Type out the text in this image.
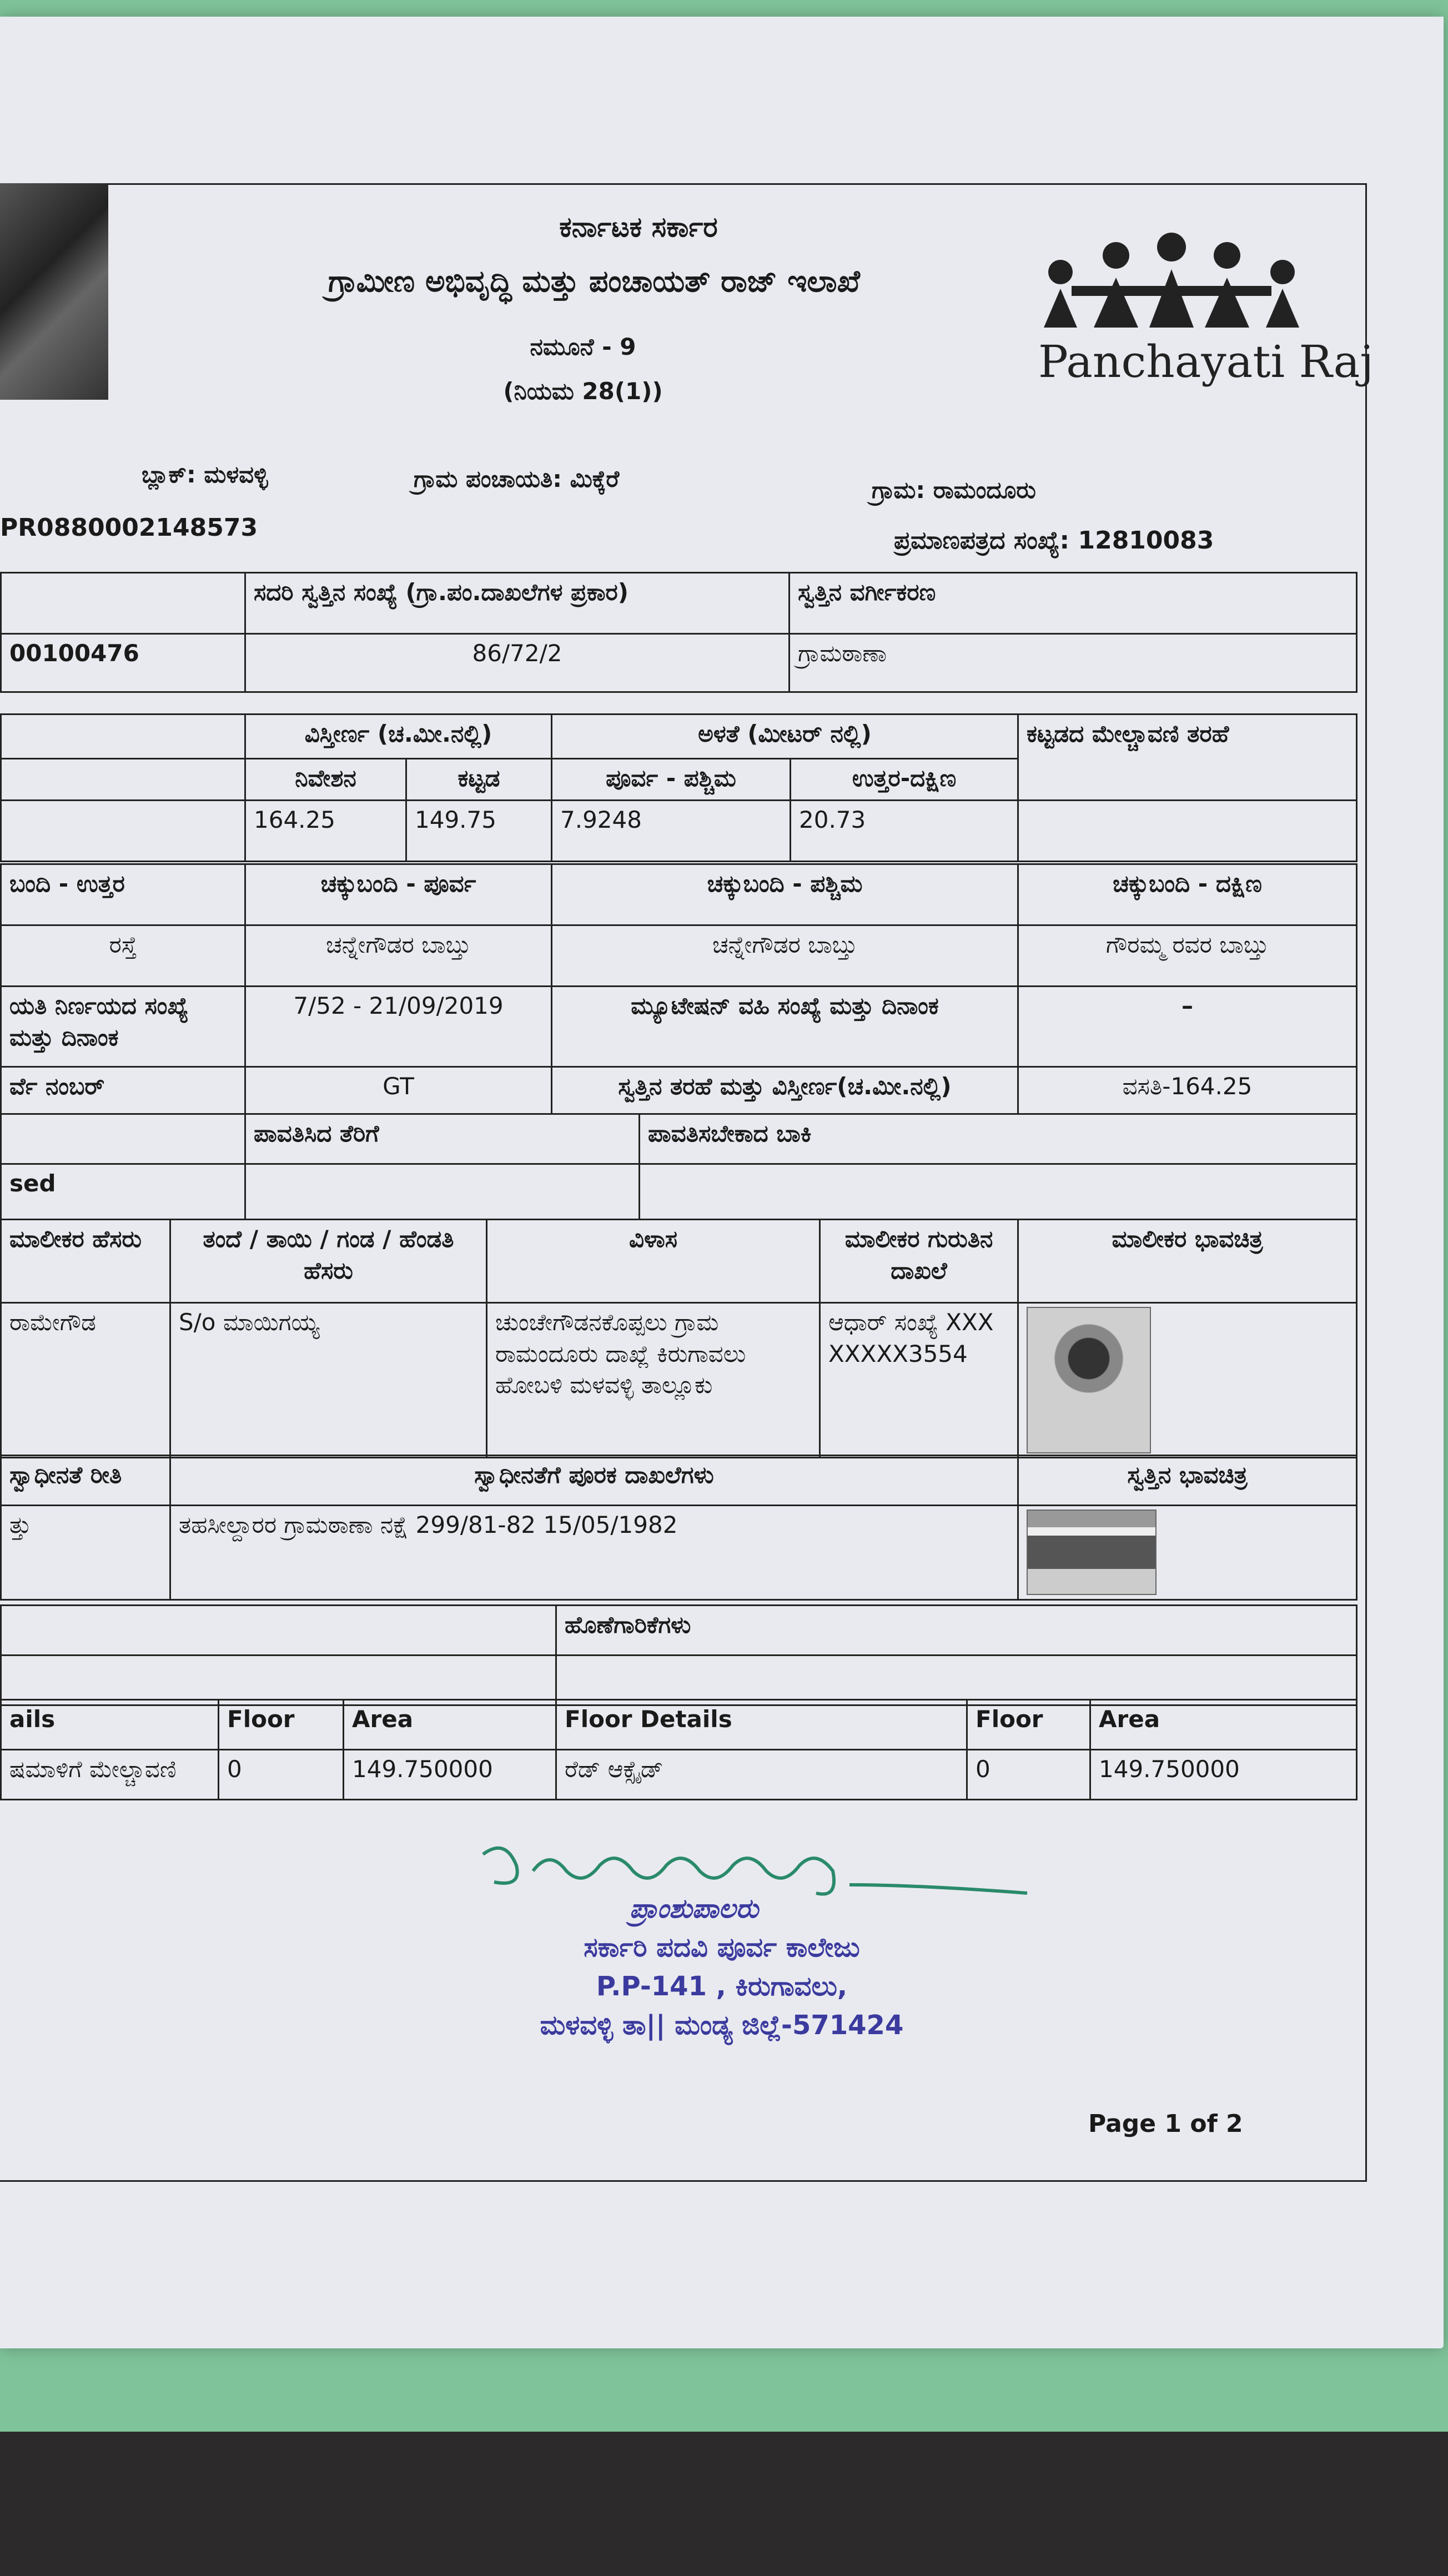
ಕರ್ನಾಟಕ ಸರ್ಕಾರ
ಗ್ರಾಮೀಣ ಅಭಿವೃದ್ಧಿ ಮತ್ತು ಪಂಚಾಯತ್ ರಾಜ್ ಇಲಾಖೆ
ನಮೂನೆ - 9
(ನಿಯಮ 28(1))
Panchayati Raj
ಬ್ಲಾಕ್: ಮಳವಳ್ಳಿ	ಗ್ರಾಮ ಪಂಚಾಯತಿ: ಮಿಕ್ಕೆರೆ	ಗ್ರಾಮ: ರಾಮಂದೂರು
PR0880002148573	ಪ್ರಮಾಣಪತ್ರದ ಸಂಖ್ಯೆ: 12810083
	ಸದರಿ ಸ್ವತ್ತಿನ ಸಂಖ್ಯೆ (ಗ್ರಾ.ಪಂ.ದಾಖಲೆಗಳ ಪ್ರಕಾರ)	ಸ್ವತ್ತಿನ ವರ್ಗೀಕರಣ
00100476	86/72/2	ಗ್ರಾಮಠಾಣಾ
	ವಿಸ್ತೀರ್ಣ (ಚ.ಮೀ.ನಲ್ಲಿ)		ಅಳತೆ (ಮೀಟರ್ ನಲ್ಲಿ)		ಕಟ್ಟಡದ ಮೇಲ್ಚಾವಣಿ ತರಹೆ
	ನಿವೇಶನ	ಕಟ್ಟಡ	ಪೂರ್ವ - ಪಶ್ಚಿಮ	ಉತ್ತರ-ದಕ್ಷಿಣ	
	164.25	149.75	7.9248	20.73	
ಬಂದಿ - ಉತ್ತರ	ಚಕ್ಕುಬಂದಿ - ಪೂರ್ವ	ಚಕ್ಕುಬಂದಿ - ಪಶ್ಚಿಮ	ಚಕ್ಕುಬಂದಿ - ದಕ್ಷಿಣ
ರಸ್ತೆ	ಚನ್ನೇಗೌಡರ ಬಾಬ್ತು	ಚನ್ನೇಗೌಡರ ಬಾಬ್ತು	ಗೌರಮ್ಮ ರವರ ಬಾಬ್ತು
ಯತಿ ನಿರ್ಣಯದ ಸಂಖ್ಯೆ ಮತ್ತು ದಿನಾಂಕ	7/52 - 21/09/2019	ಮ್ಯೂಟೇಷನ್ ವಹಿ ಸಂಖ್ಯೆ ಮತ್ತು ದಿನಾಂಕ	–
ರ್ವೆ ನಂಬರ್	GT	ಸ್ವತ್ತಿನ ತರಹೆ ಮತ್ತು ವಿಸ್ತೀರ್ಣ(ಚ.ಮೀ.ನಲ್ಲಿ)	ವಸತಿ-164.25
	ಪಾವತಿಸಿದ ತೆರಿಗೆ	ಪಾವತಿಸಬೇಕಾದ ಬಾಕಿ
sed		
ಮಾಲೀಕರ ಹೆಸರು	ತಂದೆ / ತಾಯಿ / ಗಂಡ / ಹೆಂಡತಿ ಹೆಸರು	ವಿಳಾಸ	ಮಾಲೀಕರ ಗುರುತಿನ ದಾಖಲೆ	ಮಾಲೀಕರ ಭಾವಚಿತ್ರ
ರಾಮೇಗೌಡ	S/o ಮಾಯಿಗಯ್ಯ	ಚುಂಚೇಗೌಡನಕೊಪ್ಪಲು ಗ್ರಾಮ ರಾಮಂದೂರು ದಾಖ್ಲೆ ಕಿರುಗಾವಲು ಹೋಬಳಿ ಮಳವಳ್ಳಿ ತಾಲ್ಲೂಕು	ಆಧಾರ್ ಸಂಖ್ಯೆ XXXXXXXX3554	
ಸ್ವಾಧೀನತೆ ರೀತಿ	ಸ್ವಾಧೀನತೆಗೆ ಪೂರಕ ದಾಖಲೆಗಳು	ಸ್ವತ್ತಿನ ಭಾವಚಿತ್ರ
ತ್ತು	ತಹಸೀಲ್ದಾರರ ಗ್ರಾಮಠಾಣಾ ನಕ್ಷೆ 299/81-82 15/05/1982	
	ಹೊಣೆಗಾರಿಕೆಗಳು

ails	Floor	Area	Floor Details	Floor	Area
ಷಮಾಳಿಗೆ ಮೇಲ್ಚಾವಣಿ	0	149.750000	ರೆಡ್ ಆಕ್ಸೈಡ್	0	149.750000
ಪ್ರಾಂಶುಪಾಲರು
ಸರ್ಕಾರಿ ಪದವಿ ಪೂರ್ವ ಕಾಲೇಜು
P.P-141 , ಕಿರುಗಾವಲು,
ಮಳವಳ್ಳಿ ತಾ|| ಮಂಡ್ಯ ಜಿಲ್ಲೆ-571424
Page 1 of 2
